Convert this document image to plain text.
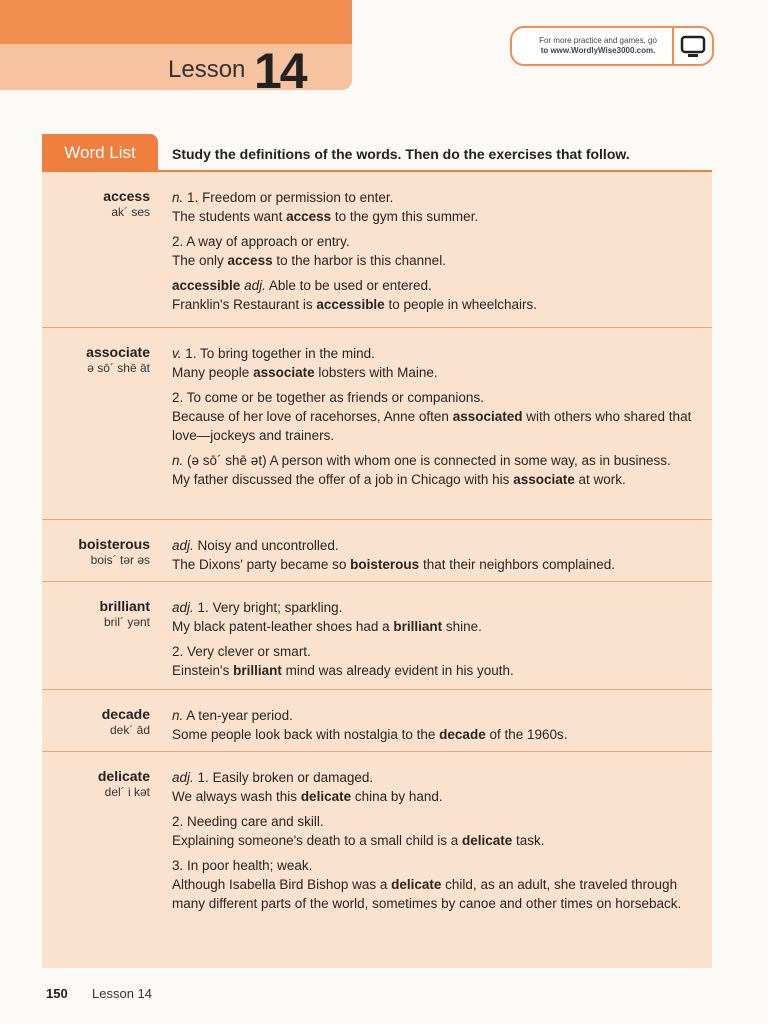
Lesson 14
For more practice and games, go
to www.WordlyWise3000.com.
Word List	Study the definitions of the words. Then do the exercises that follow.
access
ak´ ses
n. 1. Freedom or permission to enter.
The students want access to the gym this summer.
2. A way of approach or entry.
The only access to the harbor is this channel.
accessible adj. Able to be used or entered.
Franklin's Restaurant is accessible to people in wheelchairs.
associate
ə sō´ shē āt
v. 1. To bring together in the mind.
Many people associate lobsters with Maine.
2. To come or be together as friends or companions.
Because of her love of racehorses, Anne often associated with others who shared that love—jockeys and trainers.
n. (ə sō´ shē ət) A person with whom one is connected in some way, as in business.
My father discussed the offer of a job in Chicago with his associate at work.
boisterous
bois´ tər əs
adj. Noisy and uncontrolled.
The Dixons' party became so boisterous that their neighbors complained.
brilliant
bril´ yənt
adj. 1. Very bright; sparkling.
My black patent-leather shoes had a brilliant shine.
2. Very clever or smart.
Einstein's brilliant mind was already evident in his youth.
decade
dek´ ād
n. A ten-year period.
Some people look back with nostalgia to the decade of the 1960s.
delicate
del´ i kət
adj. 1. Easily broken or damaged.
We always wash this delicate china by hand.
2. Needing care and skill.
Explaining someone's death to a small child is a delicate task.
3. In poor health; weak.
Although Isabella Bird Bishop was a delicate child, as an adult, she traveled through many different parts of the world, sometimes by canoe and other times on horseback.
150 Lesson 14
